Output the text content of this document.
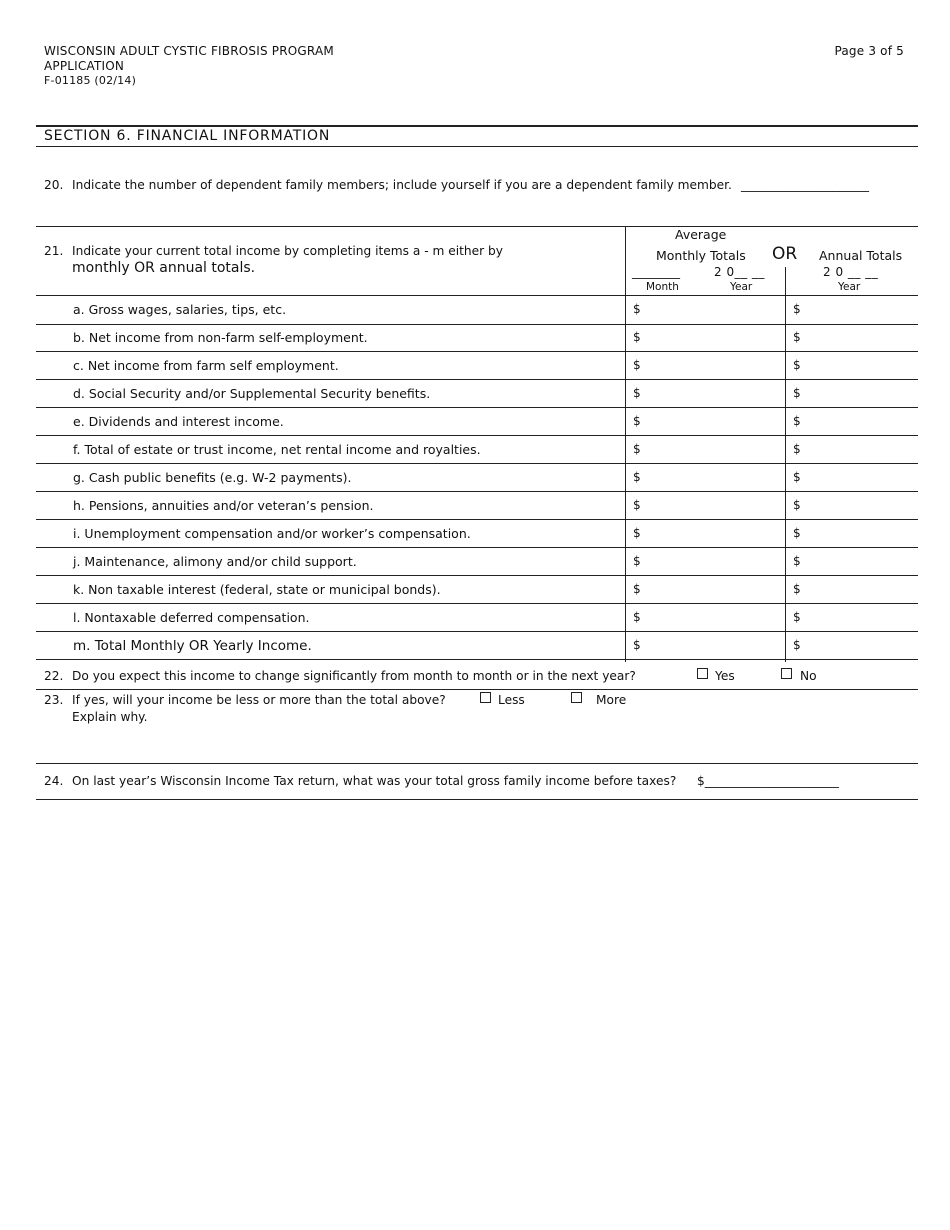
WISCONSIN ADULT CYSTIC FIBROSIS PROGRAM
APPLICATION
F-01185 (02/14)
Page 3 of 5
SECTION 6. FINANCIAL INFORMATION
20. Indicate the number of dependent family members; include yourself if you are a dependent family member. _____________________
21. Indicate your current total income by completing items a - m either by
monthly OR annual totals.
Average
Monthly Totals OR Annual Totals
________	2 0__ __	2 0 __ __
Month	Year	Year
a. Gross wages, salaries, tips, etc.	$	$
b. Net income from non-farm self-employment.	$	$
c. Net income from farm self employment.	$	$
d. Social Security and/or Supplemental Security benefits.	$	$
e. Dividends and interest income.	$	$
f. Total of estate or trust income, net rental income and royalties.	$	$
g. Cash public benefits (e.g. W-2 payments).	$	$
h. Pensions, annuities and/or veteran’s pension.	$	$
i. Unemployment compensation and/or worker’s compensation.	$	$
j. Maintenance, alimony and/or child support.	$	$
k. Non taxable interest (federal, state or municipal bonds).	$	$
l. Nontaxable deferred compensation.	$	$
m. Total Monthly OR Yearly Income.	$	$
22. Do you expect this income to change significantly from month to month or in the next year?	Yes	No
23. If yes, will your income be less or more than the total above?
Explain why.
Less	More
24. On last year’s Wisconsin Income Tax return, what was your total gross family income before taxes? $______________________
